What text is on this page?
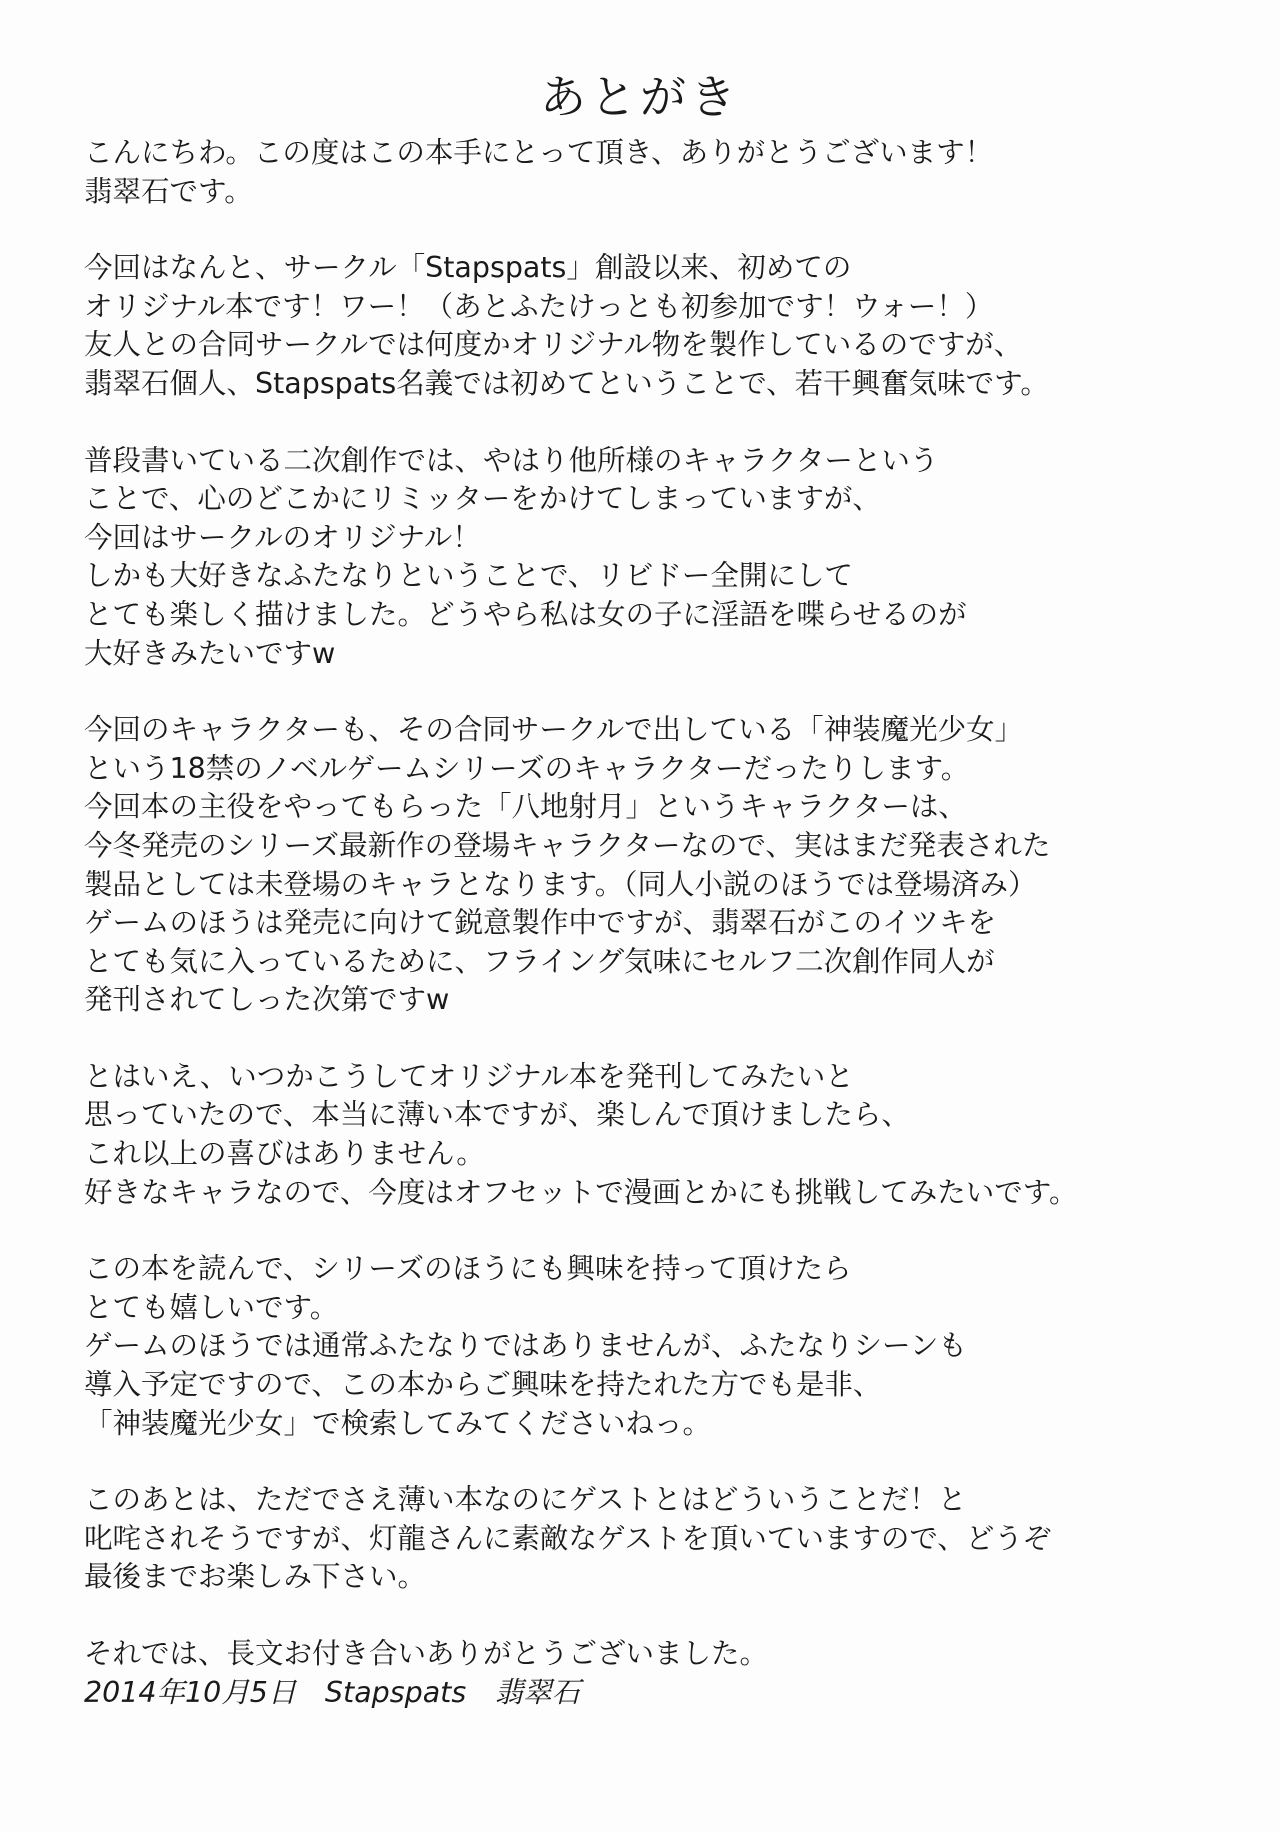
あとがき

こんにちわ。この度はこの本手にとって頂き、ありがとうございます！
翡翠石です。

今回はなんと、サークル「Stapspats」創設以来、初めての
オリジナル本です！ワー！（あとふたけっとも初参加です！ウォー！）
友人との合同サークルでは何度かオリジナル物を製作しているのですが、
翡翠石個人、Stapspats名義では初めてということで、若干興奮気味です。

普段書いている二次創作では、やはり他所様のキャラクターという
ことで、心のどこかにリミッターをかけてしまっていますが、
今回はサークルのオリジナル！
しかも大好きなふたなりということで、リビドー全開にして
とても楽しく描けました。どうやら私は女の子に淫語を喋らせるのが
大好きみたいですw

今回のキャラクターも、その合同サークルで出している「神装魔光少女」
という18禁のノベルゲームシリーズのキャラクターだったりします。
今回本の主役をやってもらった「八地射月」というキャラクターは、
今冬発売のシリーズ最新作の登場キャラクターなので、実はまだ発表された
製品としては未登場のキャラとなります。（同人小説のほうでは登場済み）
ゲームのほうは発売に向けて鋭意製作中ですが、翡翠石がこのイツキを
とても気に入っているために、フライング気味にセルフ二次創作同人が
発刊されてしった次第ですw

とはいえ、いつかこうしてオリジナル本を発刊してみたいと
思っていたので、本当に薄い本ですが、楽しんで頂けましたら、
これ以上の喜びはありません。
好きなキャラなので、今度はオフセットで漫画とかにも挑戦してみたいです。

この本を読んで、シリーズのほうにも興味を持って頂けたら
とても嬉しいです。
ゲームのほうでは通常ふたなりではありませんが、ふたなりシーンも
導入予定ですので、この本からご興味を持たれた方でも是非、
「神装魔光少女」で検索してみてくださいねっ。

このあとは、ただでさえ薄い本なのにゲストとはどういうことだ！と
叱咤されそうですが、灯龍さんに素敵なゲストを頂いていますので、どうぞ
最後までお楽しみ下さい。

それでは、長文お付き合いありがとうございました。
2014年10月5日　Stapspats　翡翠石
